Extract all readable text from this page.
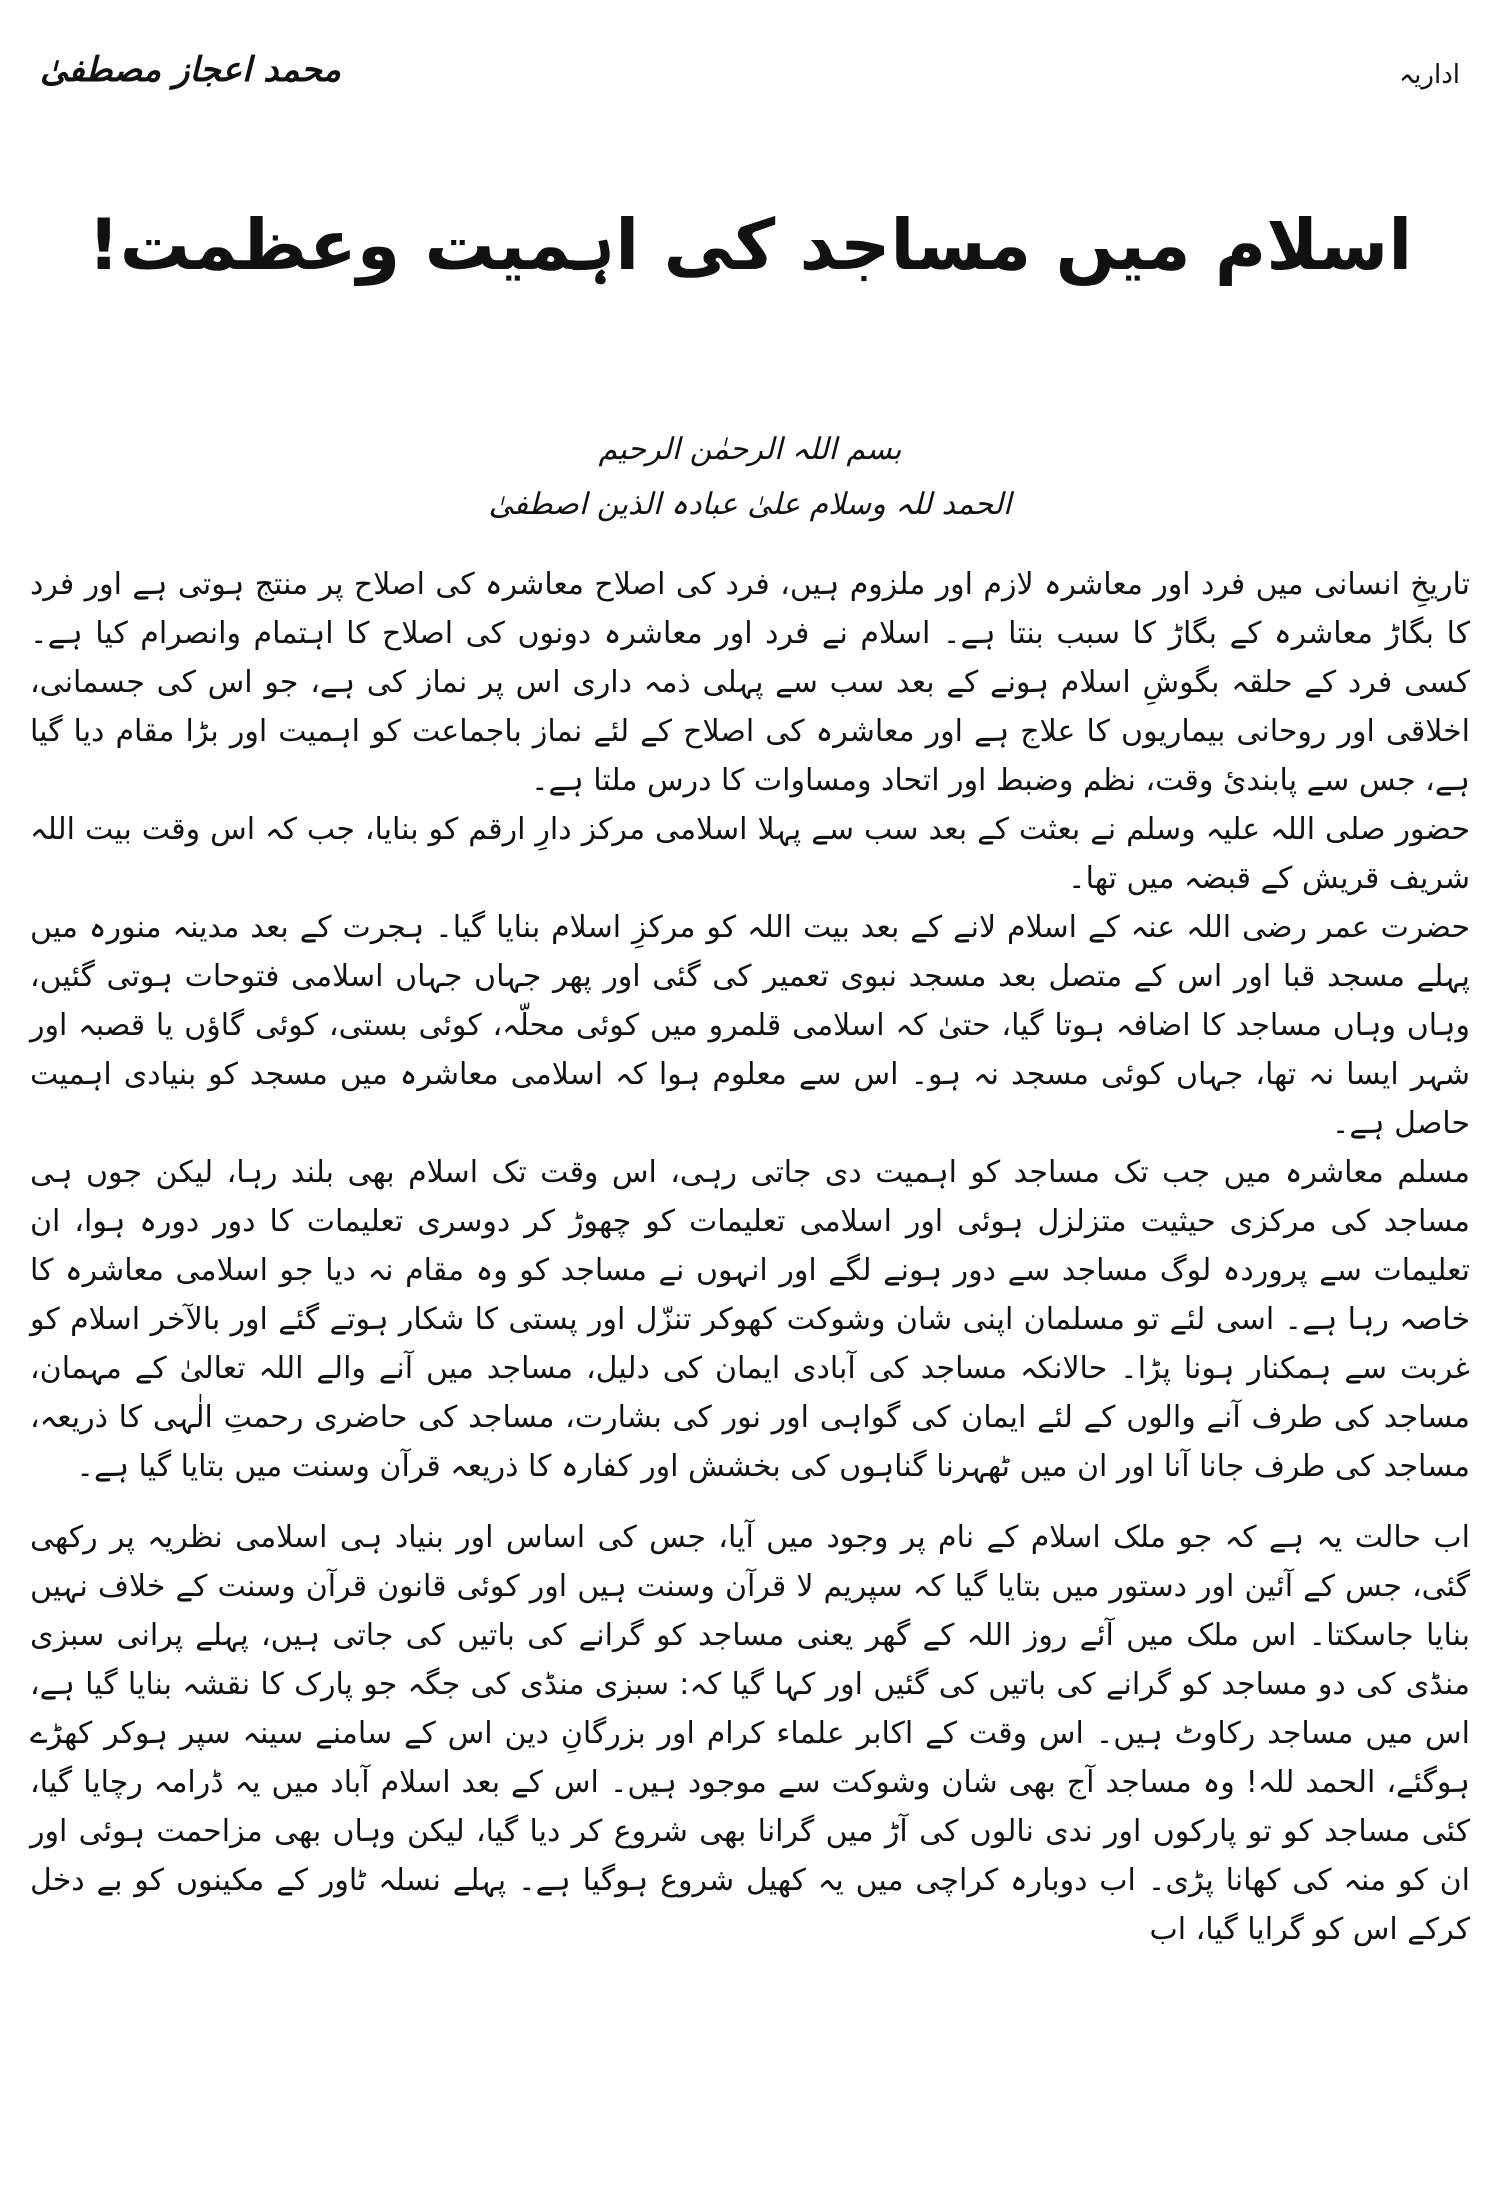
اداریہ
محمد اعجاز مصطفیٰ
اسلام میں مساجد کی اہمیت وعظمت!
بسم اللہ الرحمٰن الرحیم
الحمد للہ وسلام علیٰ عبادہ الذین اصطفیٰ

تاریخِ انسانی میں فرد اور معاشرہ لازم اور ملزوم ہیں، فرد کی اصلاح معاشرہ کی اصلاح پر منتج ہوتی ہے اور فرد کا بگاڑ معاشرہ کے بگاڑ کا سبب بنتا ہے۔ اسلام نے فرد اور معاشرہ دونوں کی اصلاح کا اہتمام وانصرام کیا ہے۔ کسی فرد کے حلقہ بگوشِ اسلام ہونے کے بعد سب سے پہلی ذمہ داری اس پر نماز کی ہے، جو اس کی جسمانی، اخلاقی اور روحانی بیماریوں کا علاج ہے اور معاشرہ کی اصلاح کے لئے نماز باجماعت کو اہمیت اور بڑا مقام دیا گیا ہے، جس سے پابندیٔ وقت، نظم وضبط اور اتحاد ومساوات کا درس ملتا ہے۔

حضور صلی اللہ علیہ وسلم نے بعثت کے بعد سب سے پہلا اسلامی مرکز دارِ ارقم کو بنایا، جب کہ اس وقت بیت اللہ شریف قریش کے قبضہ میں تھا۔

حضرت عمر رضی اللہ عنہ کے اسلام لانے کے بعد بیت اللہ کو مرکزِ اسلام بنایا گیا۔ ہجرت کے بعد مدینہ منورہ میں پہلے مسجد قبا اور اس کے متصل بعد مسجد نبوی تعمیر کی گئی اور پھر جہاں جہاں اسلامی فتوحات ہوتی گئیں، وہاں وہاں مساجد کا اضافہ ہوتا گیا، حتیٰ کہ اسلامی قلمرو میں کوئی محلّہ، کوئی بستی، کوئی گاؤں یا قصبہ اور شہر ایسا نہ تھا، جہاں کوئی مسجد نہ ہو۔ اس سے معلوم ہوا کہ اسلامی معاشرہ میں مسجد کو بنیادی اہمیت حاصل ہے۔

مسلم معاشرہ میں جب تک مساجد کو اہمیت دی جاتی رہی، اس وقت تک اسلام بھی بلند رہا، لیکن جوں ہی مساجد کی مرکزی حیثیت متزلزل ہوئی اور اسلامی تعلیمات کو چھوڑ کر دوسری تعلیمات کا دور دورہ ہوا، ان تعلیمات سے پروردہ لوگ مساجد سے دور ہونے لگے اور انہوں نے مساجد کو وہ مقام نہ دیا جو اسلامی معاشرہ کا خاصہ رہا ہے۔ اسی لئے تو مسلمان اپنی شان وشوکت کھوکر تنزّل اور پستی کا شکار ہوتے گئے اور بالآخر اسلام کو غربت سے ہمکنار ہونا پڑا۔ حالانکہ مساجد کی آبادی ایمان کی دلیل، مساجد میں آنے والے اللہ تعالیٰ کے مہمان، مساجد کی طرف آنے والوں کے لئے ایمان کی گواہی اور نور کی بشارت، مساجد کی حاضری رحمتِ الٰہی کا ذریعہ، مساجد کی طرف جانا آنا اور ان میں ٹھہرنا گناہوں کی بخشش اور کفارہ کا ذریعہ قرآن وسنت میں بتایا گیا ہے۔

اب حالت یہ ہے کہ جو ملک اسلام کے نام پر وجود میں آیا، جس کی اساس اور بنیاد ہی اسلامی نظریہ پر رکھی گئی، جس کے آئین اور دستور میں بتایا گیا کہ سپریم لا قرآن وسنت ہیں اور کوئی قانون قرآن وسنت کے خلاف نہیں بنایا جاسکتا۔ اس ملک میں آئے روز اللہ کے گھر یعنی مساجد کو گرانے کی باتیں کی جاتی ہیں، پہلے پرانی سبزی منڈی کی دو مساجد کو گرانے کی باتیں کی گئیں اور کہا گیا کہ: سبزی منڈی کی جگہ جو پارک کا نقشہ بنایا گیا ہے، اس میں مساجد رکاوٹ ہیں۔ اس وقت کے اکابر علماء کرام اور بزرگانِ دین اس کے سامنے سینہ سپر ہوکر کھڑے ہوگئے، الحمد للہ! وہ مساجد آج بھی شان وشوکت سے موجود ہیں۔ اس کے بعد اسلام آباد میں یہ ڈرامہ رچایا گیا، کئی مساجد کو تو پارکوں اور ندی نالوں کی آڑ میں گرانا بھی شروع کر دیا گیا، لیکن وہاں بھی مزاحمت ہوئی اور ان کو منہ کی کھانا پڑی۔ اب دوبارہ کراچی میں یہ کھیل شروع ہوگیا ہے۔ پہلے نسلہ ٹاور کے مکینوں کو بے دخل کرکے اس کو گرایا گیا، اب
